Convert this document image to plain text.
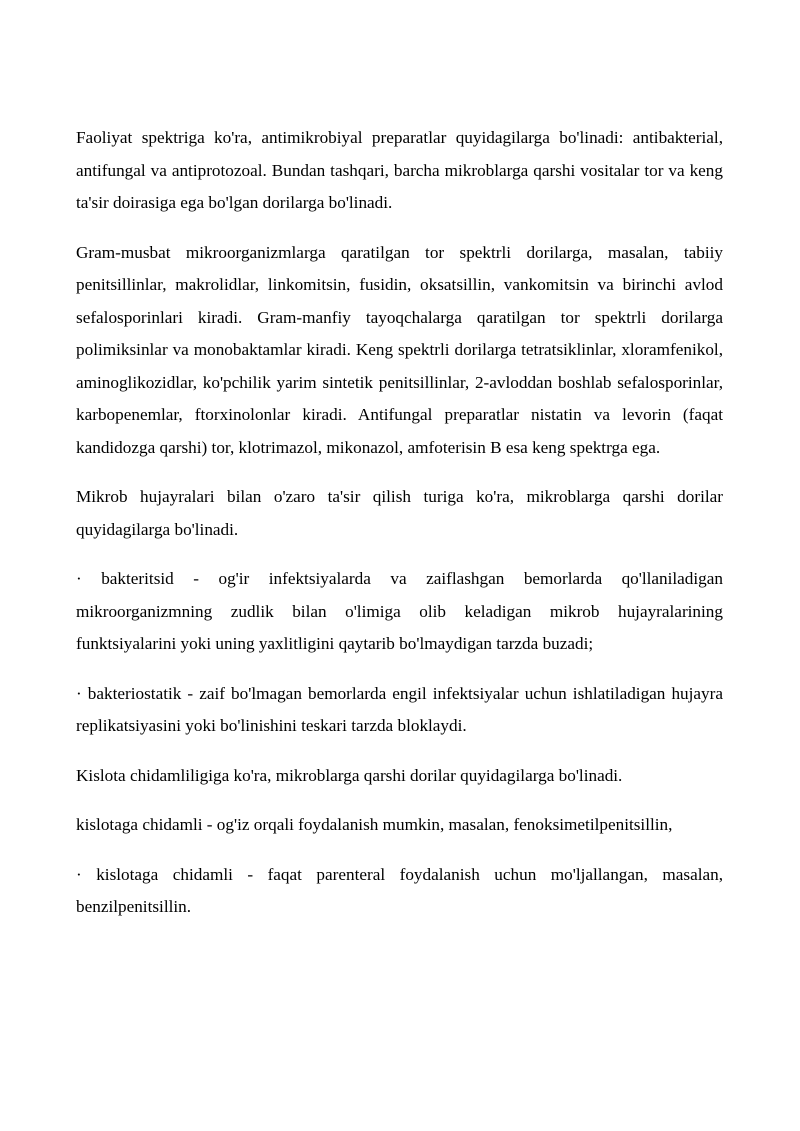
Faoliyat spektriga ko'ra, antimikrobiyal preparatlar quyidagilarga bo'linadi: antibakterial, antifungal va antiprotozoal. Bundan tashqari, barcha mikroblarga qarshi vositalar tor va keng ta'sir doirasiga ega bo'lgan dorilarga bo'linadi.

Gram-musbat mikroorganizmlarga qaratilgan tor spektrli dorilarga, masalan, tabiiy penitsillinlar, makrolidlar, linkomitsin, fusidin, oksatsillin, vankomitsin va birinchi avlod sefalosporinlari kiradi. Gram-manfiy tayoqchalarga qaratilgan tor spektrli dorilarga polimiksinlar va monobaktamlar kiradi. Keng spektrli dorilarga tetratsiklinlar, xloramfenikol, aminoglikozidlar, ko'pchilik yarim sintetik penitsillinlar, 2-avloddan boshlab sefalosporinlar, karbopenemlar, ftorxinolonlar kiradi. Antifungal preparatlar nistatin va levorin (faqat kandidozga qarshi) tor, klotrimazol, mikonazol, amfoterisin B esa keng spektrga ega.

Mikrob hujayralari bilan o'zaro ta'sir qilish turiga ko'ra, mikroblarga qarshi dorilar quyidagilarga bo'linadi.

· bakteritsid - og'ir infektsiyalarda va zaiflashgan bemorlarda qo'llaniladigan mikroorganizmning zudlik bilan o'limiga olib keladigan mikrob hujayralarining funktsiyalarini yoki uning yaxlitligini qaytarib bo'lmaydigan tarzda buzadi;

· bakteriostatik - zaif bo'lmagan bemorlarda engil infektsiyalar uchun ishlatiladigan hujayra replikatsiyasini yoki bo'linishini teskari tarzda bloklaydi.

Kislota chidamliligiga ko'ra, mikroblarga qarshi dorilar quyidagilarga bo'linadi.

kislotaga chidamli - og'iz orqali foydalanish mumkin, masalan, fenoksimetilpenitsillin,

· kislotaga chidamli - faqat parenteral foydalanish uchun mo'ljallangan, masalan, benzilpenitsillin.
